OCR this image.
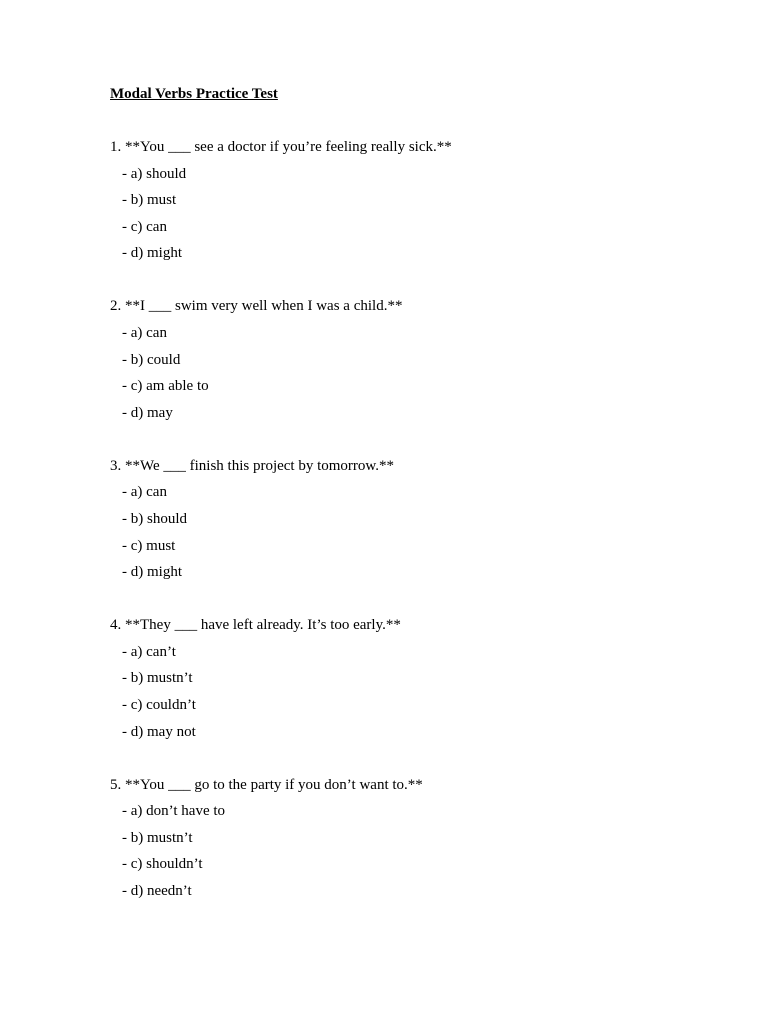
Modal Verbs Practice Test
1. **You ___ see a doctor if you’re feeling really sick.**
- a) should
- b) must
- c) can
- d) might
2. **I ___ swim very well when I was a child.**
- a) can
- b) could
- c) am able to
- d) may
3. **We ___ finish this project by tomorrow.**
- a) can
- b) should
- c) must
- d) might
4. **They ___ have left already. It’s too early.**
- a) can’t
- b) mustn’t
- c) couldn’t
- d) may not
5. **You ___ go to the party if you don’t want to.**
- a) don’t have to
- b) mustn’t
- c) shouldn’t
- d) needn’t
